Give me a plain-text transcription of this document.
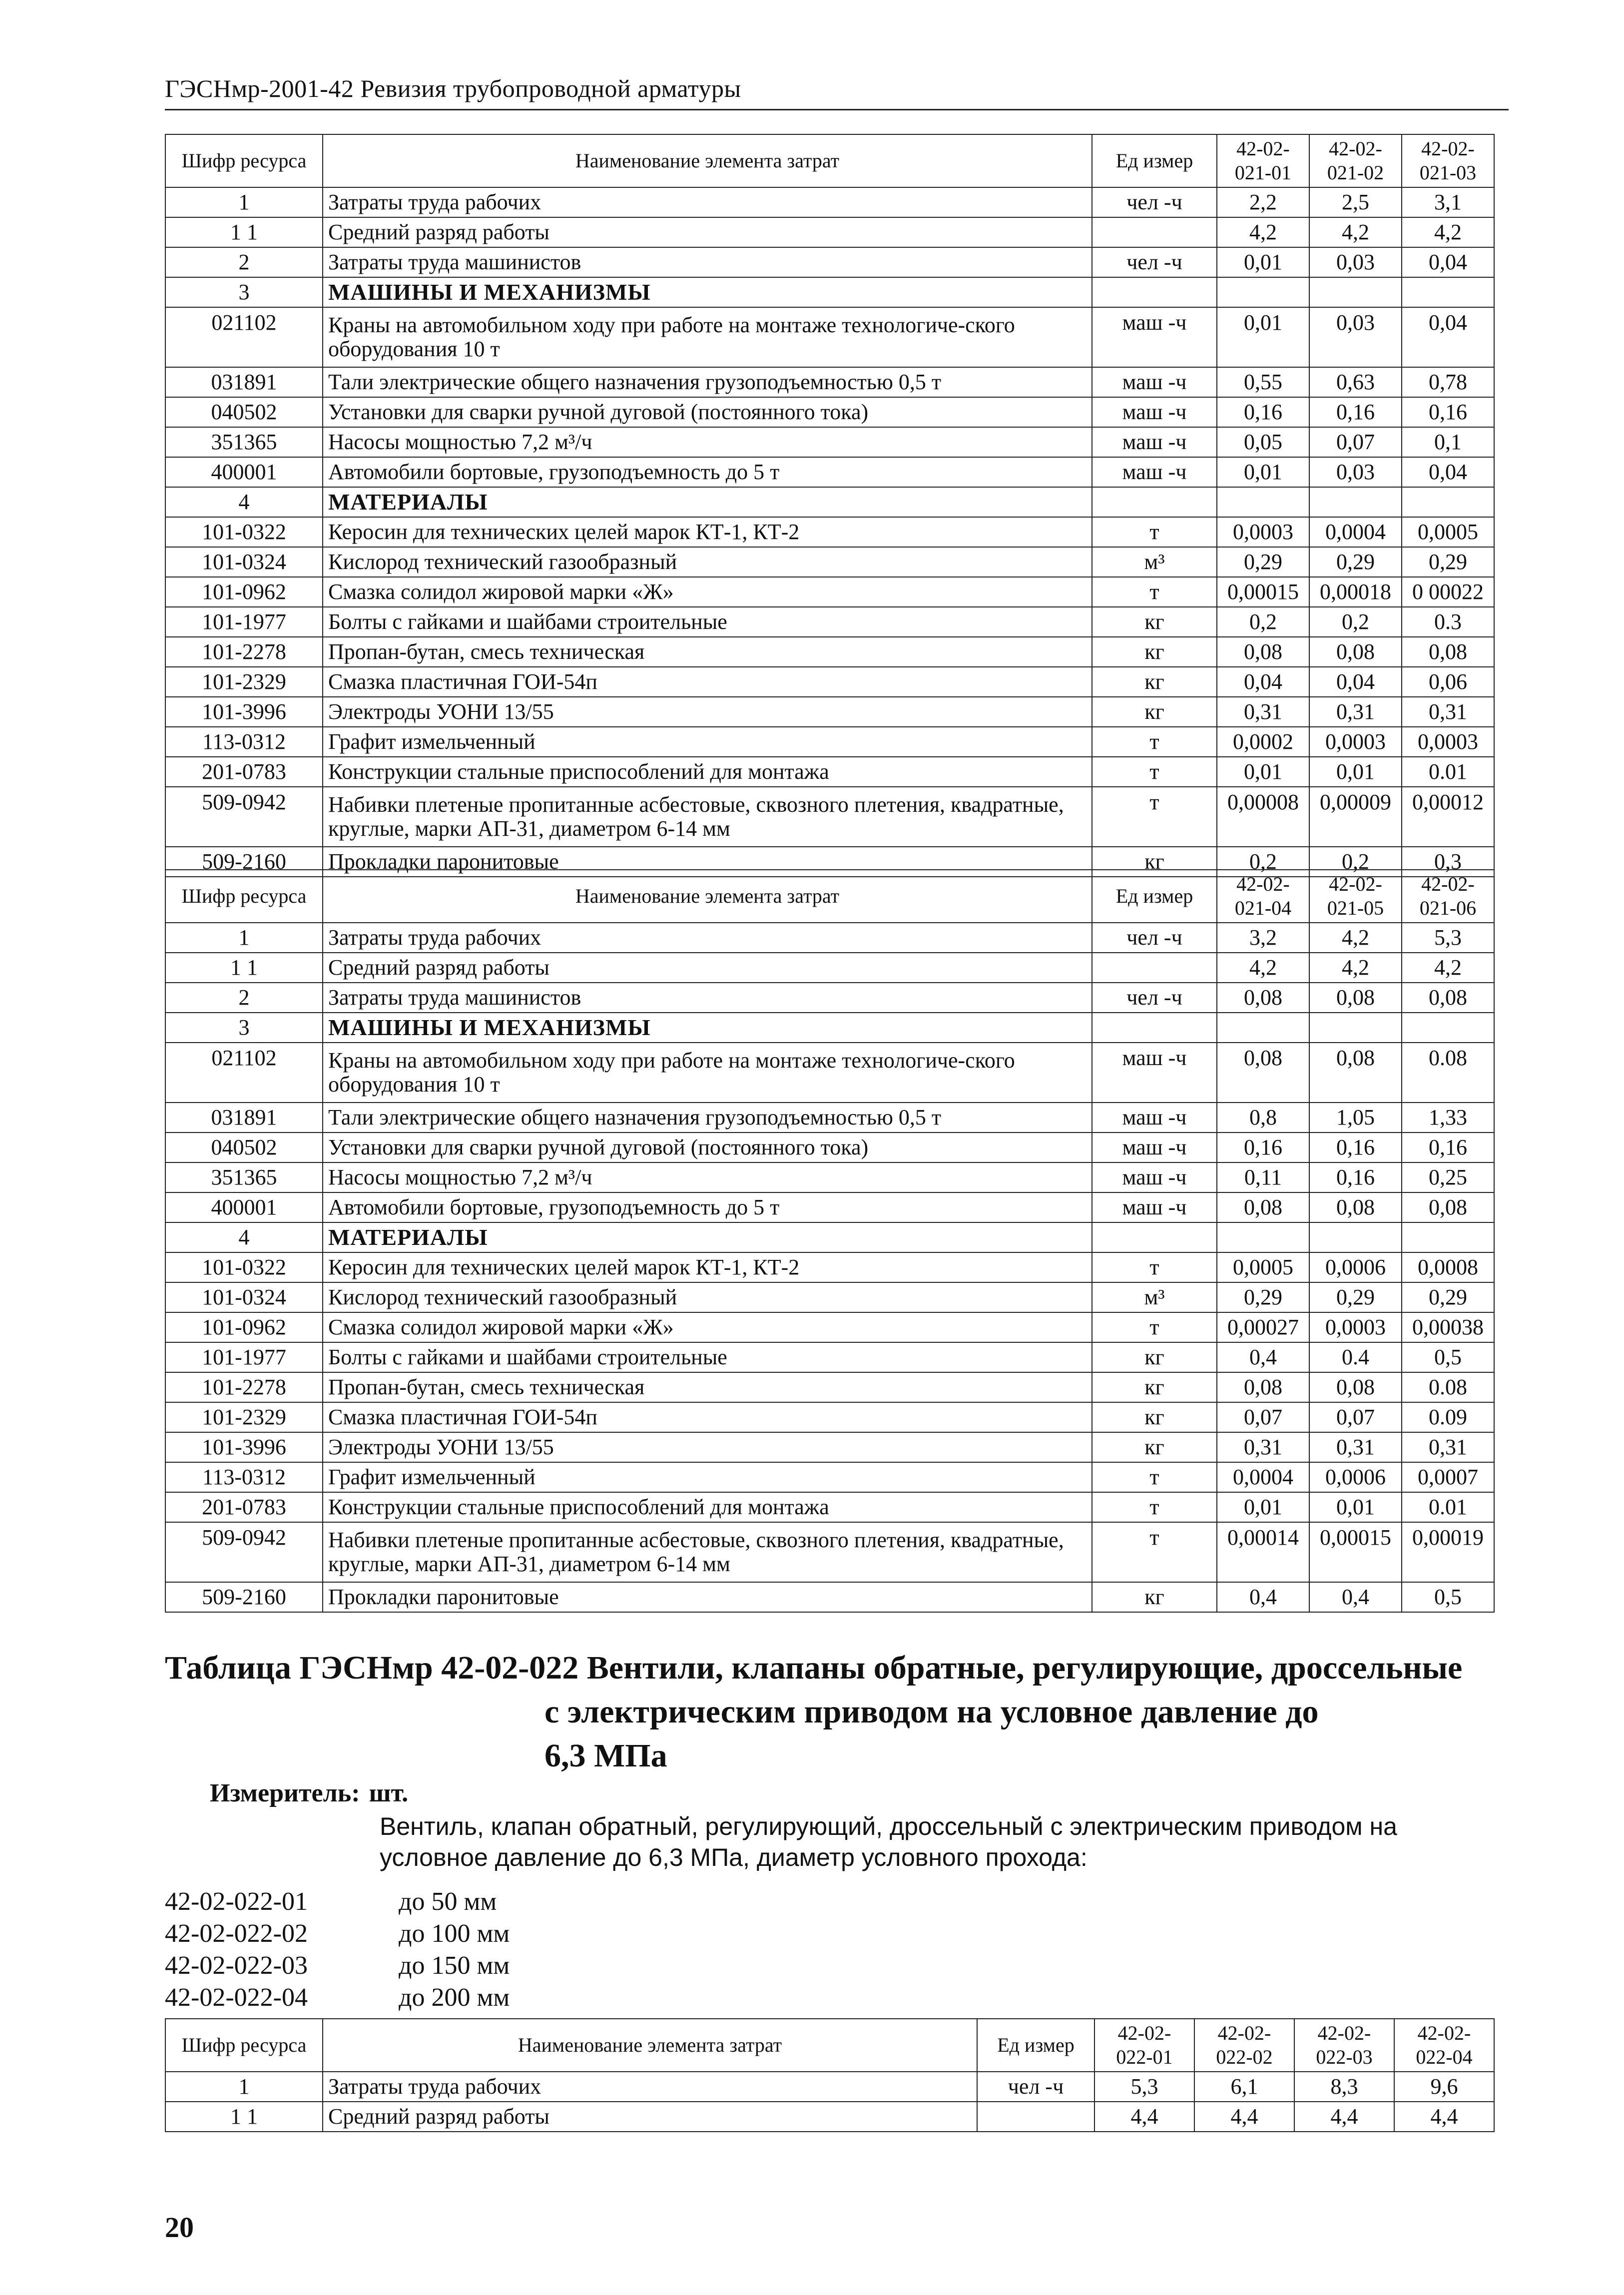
ГЭСНмр-2001-42 Ревизия трубопроводной арматуры
Шифр ресурса	Наименование элемента затрат	Ед измер	42-02-021-01	42-02-021-02	42-02-021-03
1	Затраты труда рабочих	чел -ч	2,2	2,5	3,1
1 1	Средний разряд работы		4,2	4,2	4,2
2	Затраты труда машинистов	чел -ч	0,01	0,03	0,04
3	МАШИНЫ И МЕХАНИЗМЫ				
021102	Краны на автомобильном ходу при работе на монтаже технологиче-ского оборудования 10 т	маш -ч	0,01	0,03	0,04
031891	Тали электрические общего назначения грузоподъемностью 0,5 т	маш -ч	0,55	0,63	0,78
040502	Установки для сварки ручной дуговой (постоянного тока)	маш -ч	0,16	0,16	0,16
351365	Насосы мощностью 7,2 м³/ч	маш -ч	0,05	0,07	0,1
400001	Автомобили бортовые, грузоподъемность до 5 т	маш -ч	0,01	0,03	0,04
4	МАТЕРИАЛЫ				
101-0322	Керосин для технических целей марок КТ-1, КТ-2	т	0,0003	0,0004	0,0005
101-0324	Кислород технический газообразный	м³	0,29	0,29	0,29
101-0962	Смазка солидол жировой марки «Ж»	т	0,00015	0,00018	0 00022
101-1977	Болты с гайками и шайбами строительные	кг	0,2	0,2	0.3
101-2278	Пропан-бутан, смесь техническая	кг	0,08	0,08	0,08
101-2329	Смазка пластичная ГОИ-54п	кг	0,04	0,04	0,06
101-3996	Электроды УОНИ 13/55	кг	0,31	0,31	0,31
113-0312	Графит измельченный	т	0,0002	0,0003	0,0003
201-0783	Конструкции стальные приспособлений для монтажа	т	0,01	0,01	0.01
509-0942	Набивки плетеные пропитанные асбестовые, сквозного плетения, квадратные, круглые, марки АП-31, диаметром 6-14 мм	т	0,00008	0,00009	0,00012
509-2160	Прокладки паронитовые	кг	0,2	0,2	0,3
Шифр ресурса	Наименование элемента затрат	Ед измер	42-02-021-04	42-02-021-05	42-02-021-06
1	Затраты труда рабочих	чел -ч	3,2	4,2	5,3
1 1	Средний разряд работы		4,2	4,2	4,2
2	Затраты труда машинистов	чел -ч	0,08	0,08	0,08
3	МАШИНЫ И МЕХАНИЗМЫ				
021102	Краны на автомобильном ходу при работе на монтаже технологиче-ского оборудования 10 т	маш -ч	0,08	0,08	0.08
031891	Тали электрические общего назначения грузоподъемностью 0,5 т	маш -ч	0,8	1,05	1,33
040502	Установки для сварки ручной дуговой (постоянного тока)	маш -ч	0,16	0,16	0,16
351365	Насосы мощностью 7,2 м³/ч	маш -ч	0,11	0,16	0,25
400001	Автомобили бортовые, грузоподъемность до 5 т	маш -ч	0,08	0,08	0,08
4	МАТЕРИАЛЫ				
101-0322	Керосин для технических целей марок КТ-1, КТ-2	т	0,0005	0,0006	0,0008
101-0324	Кислород технический газообразный	м³	0,29	0,29	0,29
101-0962	Смазка солидол жировой марки «Ж»	т	0,00027	0,0003	0,00038
101-1977	Болты с гайками и шайбами строительные	кг	0,4	0.4	0,5
101-2278	Пропан-бутан, смесь техническая	кг	0,08	0,08	0.08
101-2329	Смазка пластичная ГОИ-54п	кг	0,07	0,07	0.09
101-3996	Электроды УОНИ 13/55	кг	0,31	0,31	0,31
113-0312	Графит измельченный	т	0,0004	0,0006	0,0007
201-0783	Конструкции стальные приспособлений для монтажа	т	0,01	0,01	0.01
509-0942	Набивки плетеные пропитанные асбестовые, сквозного плетения, квадратные, круглые, марки АП-31, диаметром 6-14 мм	т	0,00014	0,00015	0,00019
509-2160	Прокладки паронитовые	кг	0,4	0,4	0,5
Таблица ГЭСНмр 42-02-022 Вентили, клапаны обратные, регулирующие, дроссельные
с электрическим приводом на условное давление до
6,3 МПа
Измеритель: шт.
Вентиль, клапан обратный, регулирующий, дроссельный с электрическим приводом на условное давление до 6,3 МПа, диаметр условного прохода:
42-02-022-01	до 50 мм
42-02-022-02	до 100 мм
42-02-022-03	до 150 мм
42-02-022-04	до 200 мм
Шифр ресурса	Наименование элемента затрат	Ед измер	42-02-022-01	42-02-022-02	42-02-022-03	42-02-022-04
1	Затраты труда рабочих	чел -ч	5,3	6,1	8,3	9,6
1 1	Средний разряд работы		4,4	4,4	4,4	4,4
20
